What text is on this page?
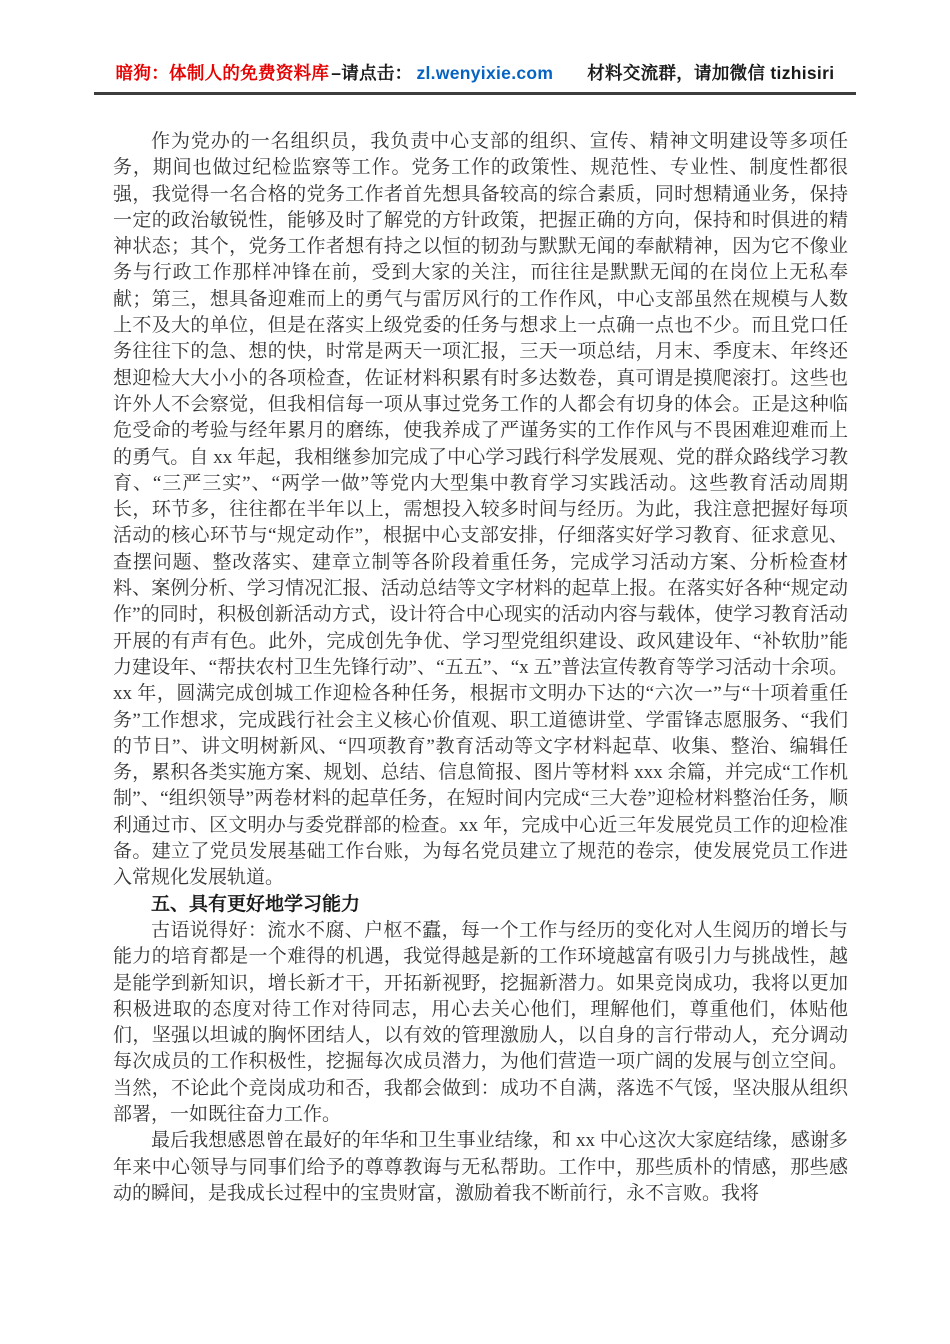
暗狗：体制人的免费资料库 –请点击： zl.wenyixie.com 材料交流群，请加微信 tizhisiri

作为党办的一名组织员，我负责中心支部的组织、宣传、精神文明建设等多项任务，期间也做过纪检监察等工作。党务工作的政策性、规范性、专业性、制度性都很强，我觉得一名合格的党务工作者首先想具备较高的综合素质，同时想精通业务，保持一定的政治敏锐性，能够及时了解党的方针政策，把握正确的方向，保持和时俱进的精神状态；其个，党务工作者想有持之以恒的韧劲与默默无闻的奉献精神，因为它不像业务与行政工作那样冲锋在前，受到大家的关注，而往往是默默无闻的在岗位上无私奉献；第三，想具备迎难而上的勇气与雷厉风行的工作作风，中心支部虽然在规模与人数上不及大的单位，但是在落实上级党委的任务与想求上一点确一点也不少。而且党口任务往往下的急、想的快，时常是两天一项汇报，三天一项总结，月末、季度末、年终还想迎检大大小小的各项检查，佐证材料积累有时多达数卷，真可谓是摸爬滚打。这些也许外人不会察觉，但我相信每一项从事过党务工作的人都会有切身的体会。正是这种临危受命的考验与经年累月的磨练，使我养成了严谨务实的工作作风与不畏困难迎难而上的勇气。自 xx 年起，我相继参加完成了中心学习践行科学发展观、党的群众路线学习教育、“三严三实”、“两学一做”等党内大型集中教育学习实践活动。这些教育活动周期长，环节多，往往都在半年以上，需想投入较多时间与经历。为此，我注意把握好每项活动的核心环节与“规定动作”，根据中心支部安排，仔细落实好学习教育、征求意见、查摆问题、整改落实、建章立制等各阶段着重任务，完成学习活动方案、分析检查材料、案例分析、学习情况汇报、活动总结等文字材料的起草上报。在落实好各种“规定动作”的同时，积极创新活动方式，设计符合中心现实的活动内容与载体，使学习教育活动开展的有声有色。此外，完成创先争优、学习型党组织建设、政风建设年、“补软肋”能力建设年、“帮扶农村卫生先锋行动”、“五五”、“x 五”普法宣传教育等学习活动十余项。xx 年，圆满完成创城工作迎检各种任务，根据市文明办下达的“六次一”与“十项着重任务”工作想求，完成践行社会主义核心价值观、职工道德讲堂、学雷锋志愿服务、“我们的节日”、讲文明树新风、“四项教育”教育活动等文字材料起草、收集、整治、编辑任务，累积各类实施方案、规划、总结、信息简报、图片等材料 xxx 余篇，并完成“工作机制”、“组织领导”两卷材料的起草任务，在短时间内完成“三大卷”迎检材料整治任务，顺利通过市、区文明办与委党群部的检查。xx 年，完成中心近三年发展党员工作的迎检准备。建立了党员发展基础工作台账，为每名党员建立了规范的卷宗，使发展党员工作进入常规化发展轨道。

五、具有更好地学习能力

古语说得好：流水不腐、户枢不蠹，每一个工作与经历的变化对人生阅历的增长与能力的培育都是一个难得的机遇，我觉得越是新的工作环境越富有吸引力与挑战性，越是能学到新知识，增长新才干，开拓新视野，挖掘新潜力。如果竞岗成功，我将以更加积极进取的态度对待工作对待同志，用心去关心他们，理解他们，尊重他们，体贴他们，坚强以坦诚的胸怀团结人，以有效的管理激励人，以自身的言行带动人，充分调动每次成员的工作积极性，挖掘每次成员潜力，为他们营造一项广阔的发展与创立空间。当然，不论此个竞岗成功和否，我都会做到：成功不自满，落选不气馁，坚决服从组织部署，一如既往奋力工作。

最后我想感恩曾在最好的年华和卫生事业结缘，和 xx 中心这次大家庭结缘，感谢多年来中心领导与同事们给予的尊尊教诲与无私帮助。工作中，那些质朴的情感，那些感动的瞬间，是我成长过程中的宝贵财富，激励着我不断前行，永不言败。我将
